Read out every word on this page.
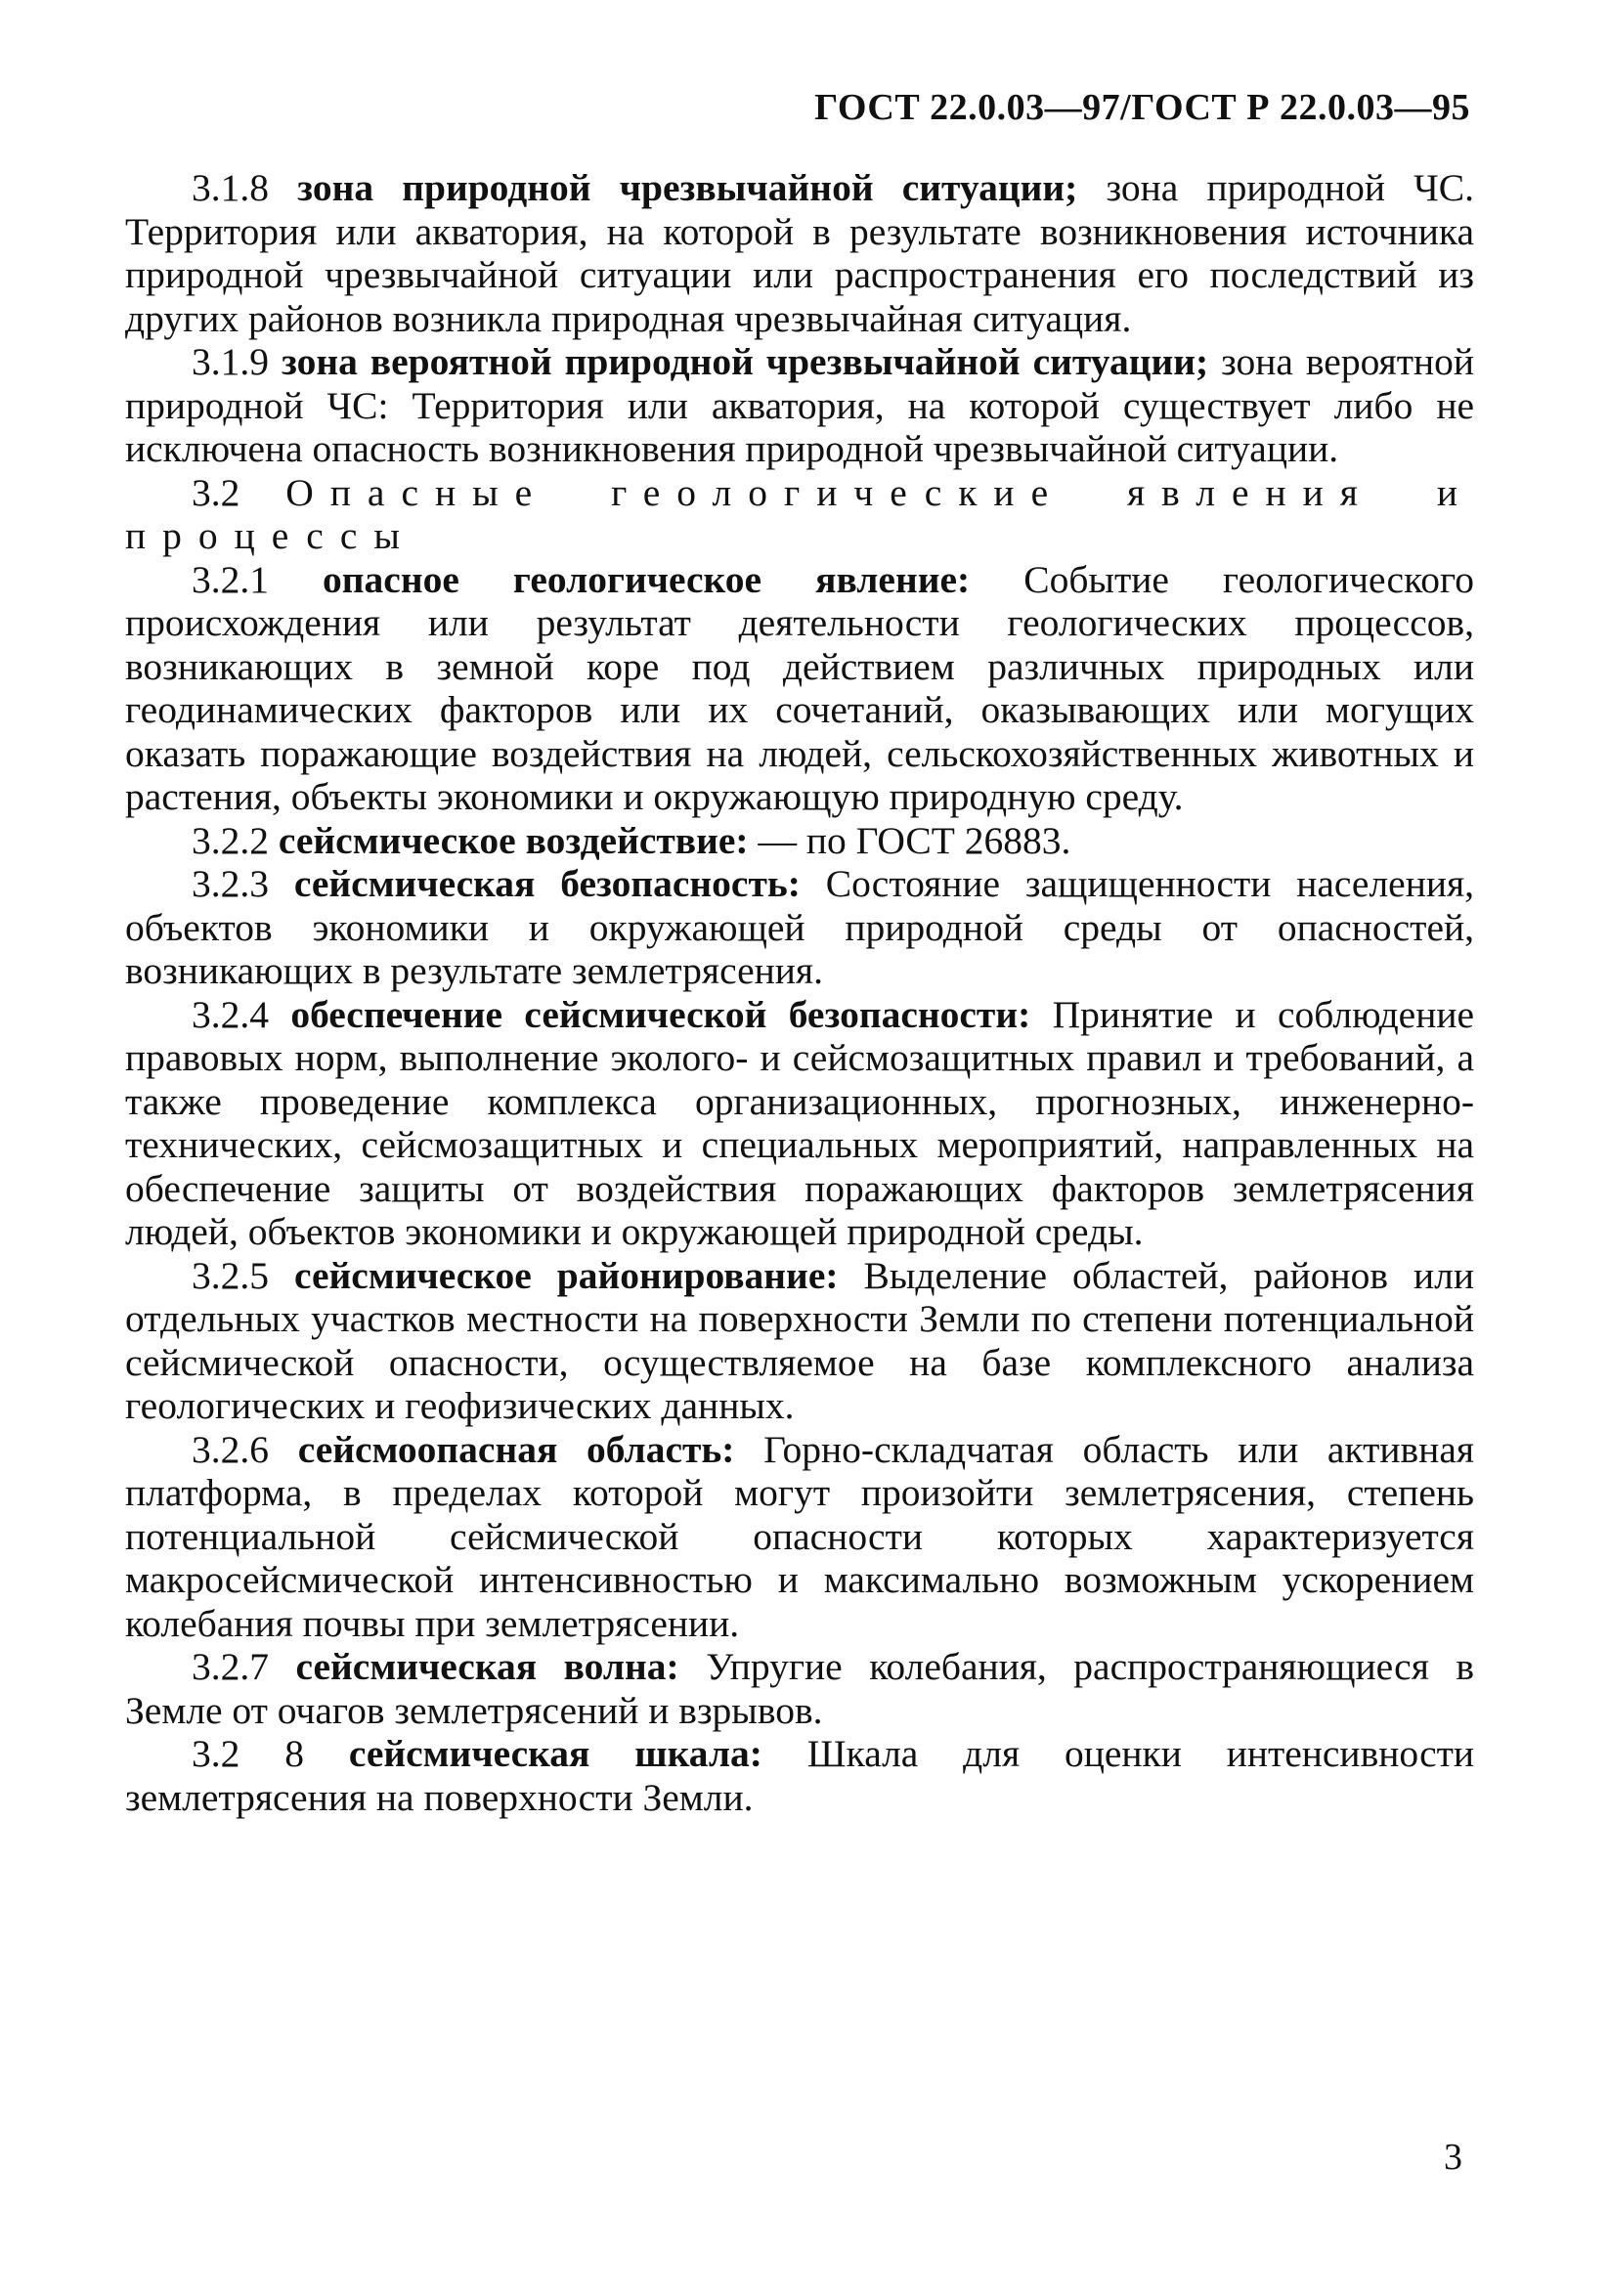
ГОСТ 22.0.03—97/ГОСТ Р 22.0.03—95

3.1.8 зона природной чрезвычайной ситуации; зона природной ЧС. Территория или акватория, на которой в результате возникновения источника природной чрезвычайной ситуации или распространения его последствий из других районов возникла природная чрезвычайная ситуация.

3.1.9 зона вероятной природной чрезвычайной ситуации; зона вероятной природной ЧС: Территория или акватория, на которой существует либо не исключена опасность возникновения природной чрезвычайной ситуации.

3.2 Опасные геологические явления и процессы

3.2.1 опасное геологическое явление: Событие геологического происхождения или результат деятельности геологических процессов, возникающих в земной коре под действием различных природных или геодинамических факторов или их сочетаний, оказывающих или могущих оказать поражающие воздействия на людей, сельскохозяйственных животных и растения, объекты экономики и окружающую природную среду.

3.2.2 сейсмическое воздействие: — по ГОСТ 26883.

3.2.3 сейсмическая безопасность: Состояние защищенности населения, объектов экономики и окружающей природной среды от опасностей, возникающих в результате землетрясения.

3.2.4 обеспечение сейсмической безопасности: Принятие и соблюдение правовых норм, выполнение эколого- и сейсмозащитных правил и требований, а также проведение комплекса организационных, прогнозных, инженерно-технических, сейсмозащитных и специальных мероприятий, направленных на обеспечение защиты от воздействия поражающих факторов землетрясения людей, объектов экономики и окружающей природной среды.

3.2.5 сейсмическое районирование: Выделение областей, районов или отдельных участков местности на поверхности Земли по степени потенциальной сейсмической опасности, осуществляемое на базе комплексного анализа геологических и геофизических данных.

3.2.6 сейсмоопасная область: Горно-складчатая область или активная платформа, в пределах которой могут произойти землетрясения, степень потенциальной сейсмической опасности которых характеризуется макросейсмической интенсивностью и максимально возможным ускорением колебания почвы при землетрясении.

3.2.7 сейсмическая волна: Упругие колебания, распространяющиеся в Земле от очагов землетрясений и взрывов.

3.2 8 сейсмическая шкала: Шкала для оценки интенсивности землетрясения на поверхности Земли.

3
